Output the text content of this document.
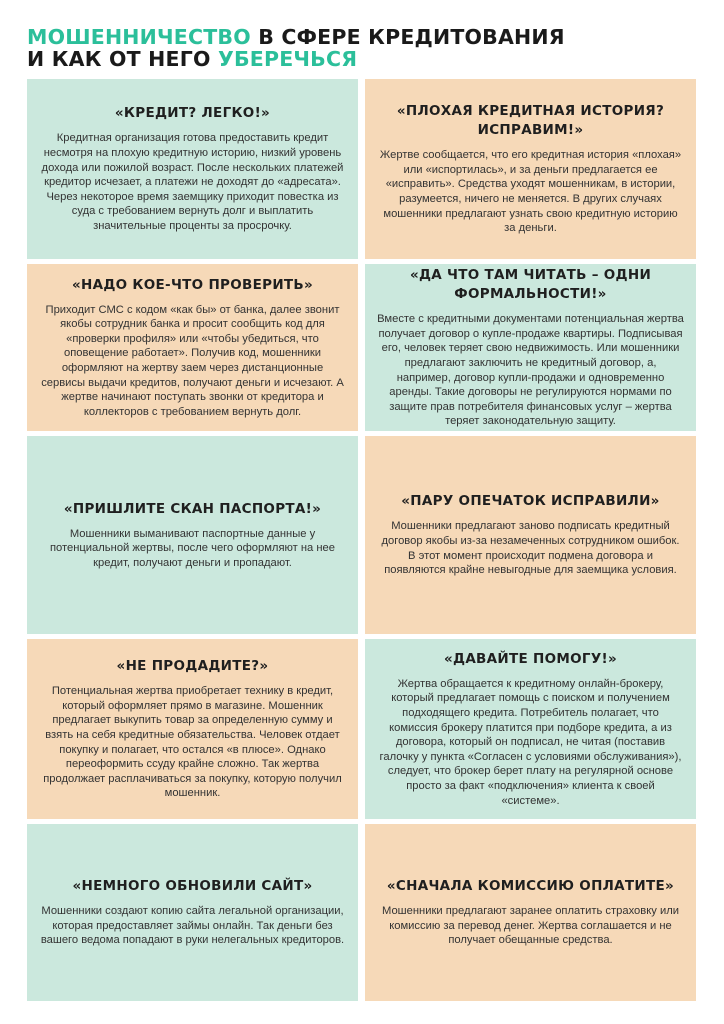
МОШЕННИЧЕСТВО В СФЕРЕ КРЕДИТОВАНИЯ
И КАК ОТ НЕГО УБЕРЕЧЬСЯ
«КРЕДИТ? ЛЕГКО!»

Кредитная организация готова предоставить кредит несмотря на плохую кредитную историю, низкий уровень дохода или пожилой возраст. После нескольких платежей кредитор исчезает, а платежи не доходят до «адресата». Через некоторое время заемщику приходит повестка из суда с требованием вернуть долг и выплатить значительные проценты за просрочку.

«ПЛОХАЯ КРЕДИТНАЯ ИСТОРИЯ? ИСПРАВИМ!»

Жертве сообщается, что его кредитная история «плохая» или «испортилась», и за деньги предлагается ее «исправить». Средства уходят мошенникам, в истории, разумеется, ничего не меняется. В других случаях мошенники предлагают узнать свою кредитную историю за деньги.

«НАДО КОЕ-ЧТО ПРОВЕРИТЬ»

Приходит СМС с кодом «как бы» от банка, далее звонит якобы сотрудник банка и просит сообщить код для «проверки профиля» или «чтобы убедиться, что оповещение работает». Получив код, мошенники оформляют на жертву заем через дистанционные сервисы выдачи кредитов, получают деньги и исчезают. А жертве начинают поступать звонки от кредитора и коллекторов с требованием вернуть долг.

«ДА ЧТО ТАМ ЧИТАТЬ – ОДНИ ФОРМАЛЬНОСТИ!»

Вместе с кредитными документами потенциальная жертва получает договор о купле-продаже квартиры. Подписывая его, человек теряет свою недвижимость. Или мошенники предлагают заключить не кредитный договор, а, например, договор купли-продажи и одновременно аренды. Такие договоры не регулируются нормами по защите прав потребителя финансовых услуг – жертва теряет законодательную защиту.

«ПРИШЛИТЕ СКАН ПАСПОРТА!»

Мошенники выманивают паспортные данные у потенциальной жертвы, после чего оформляют на нее кредит, получают деньги и пропадают.

«ПАРУ ОПЕЧАТОК ИСПРАВИЛИ»

Мошенники предлагают заново подписать кредитный договор якобы из-за незамеченных сотрудником ошибок. В этот момент происходит подмена договора и появляются крайне невыгодные для заемщика условия.

«НЕ ПРОДАДИТЕ?»

Потенциальная жертва приобретает технику в кредит, который оформляет прямо в магазине. Мошенник предлагает выкупить товар за определенную сумму и взять на себя кредитные обязательства. Человек отдает покупку и полагает, что остался «в плюсе». Однако переоформить ссуду крайне сложно. Так жертва продолжает расплачиваться за покупку, которую получил мошенник.

«ДАВАЙТЕ ПОМОГУ!»

Жертва обращается к кредитному онлайн-брокеру, который предлагает помощь с поиском и получением подходящего кредита. Потребитель полагает, что комиссия брокеру платится при подборе кредита, а из договора, который он подписал, не читая (поставив галочку у пункта «Согласен с условиями обслуживания»), следует, что брокер берет плату на регулярной основе просто за факт «подключения» клиента к своей «системе».

«НЕМНОГО ОБНОВИЛИ САЙТ»

Мошенники создают копию сайта легальной организации, которая предоставляет займы онлайн. Так деньги без вашего ведома попадают в руки нелегальных кредиторов.

«СНАЧАЛА КОМИССИЮ ОПЛАТИТЕ»

Мошенники предлагают заранее оплатить страховку или комиссию за перевод денег. Жертва соглашается и не получает обещанные средства.
